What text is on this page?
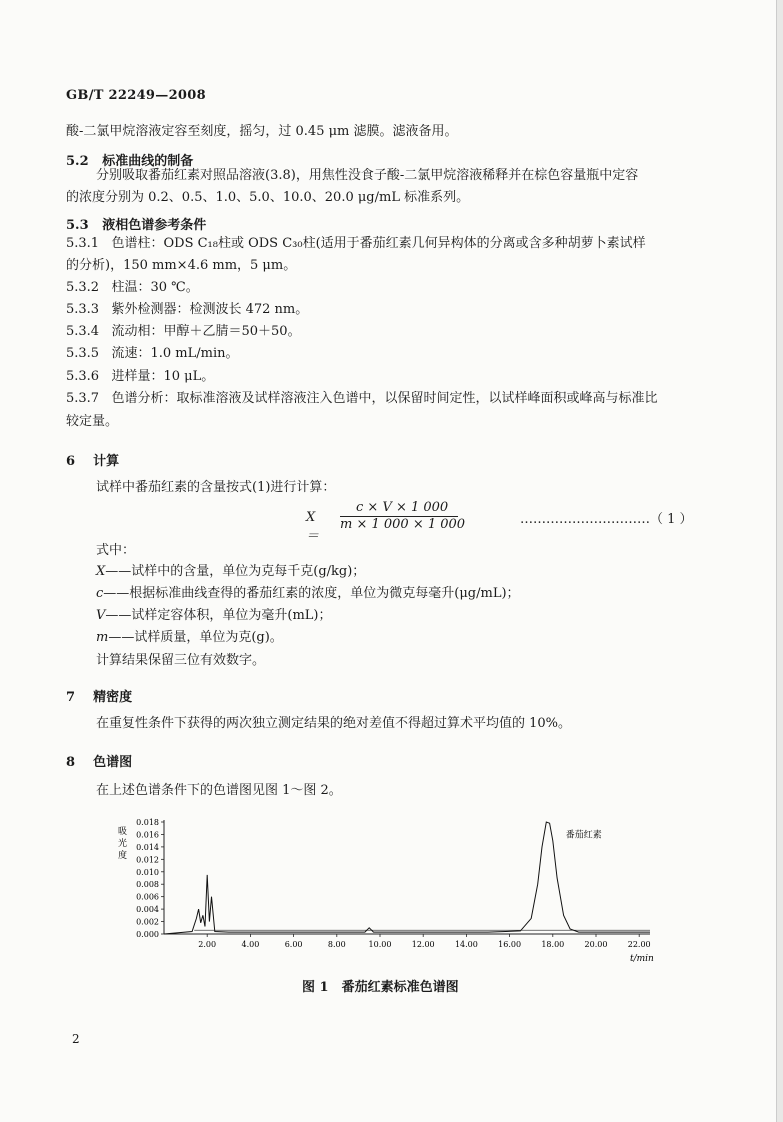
GB/T 22249—2008
酸-二氯甲烷溶液定容至刻度，摇匀，过 0.45 μm 滤膜。滤液备用。
5.2 标准曲线的制备
分别吸取番茄红素对照品溶液(3.8)，用焦性没食子酸-二氯甲烷溶液稀释并在棕色容量瓶中定容
的浓度分别为 0.2、0.5、1.0、5.0、10.0、20.0 μg/mL 标准系列。
5.3 液相色谱参考条件
5.3.1 色谱柱：ODS C₁₈柱或 ODS C₃₀柱(适用于番茄红素几何异构体的分离或含多种胡萝卜素试样
的分析)，150 mm×4.6 mm，5 μm。
5.3.2 柱温：30 ℃。
5.3.3 紫外检测器：检测波长 472 nm。
5.3.4 流动相：甲醇＋乙腈＝50＋50。
5.3.5 流速：1.0 mL/min。
5.3.6 进样量：10 μL。
5.3.7 色谱分析：取标准溶液及试样溶液注入色谱中，以保留时间定性，以试样峰面积或峰高与标准比
较定量。
6 计算
试样中番茄红素的含量按式(1)进行计算：
X ＝
c × V × 1 000
m × 1 000 × 1 000	…………………………（ 1 ）
式中：
X——试样中的含量，单位为克每千克(g/kg)；
c——根据标准曲线查得的番茄红素的浓度，单位为微克每毫升(μg/mL)；
V——试样定容体积，单位为毫升(mL)；
m——试样质量，单位为克(g)。
计算结果保留三位有效数字。
7 精密度
在重复性条件下获得的两次独立测定结果的绝对差值不得超过算术平均值的 10%。
8 色谱图
在上述色谱条件下的色谱图见图 1～图 2。
吸光度
0.018
0.016
0.014
0.012
0.010
0.008
0.006
0.004
0.002
0.000
2.00	4.00	6.00	8.00	10.00	12.00	14.00	16.00	18.00	20.00	22.00
番茄红素
t/min
图 1　番茄红素标准色谱图
2
